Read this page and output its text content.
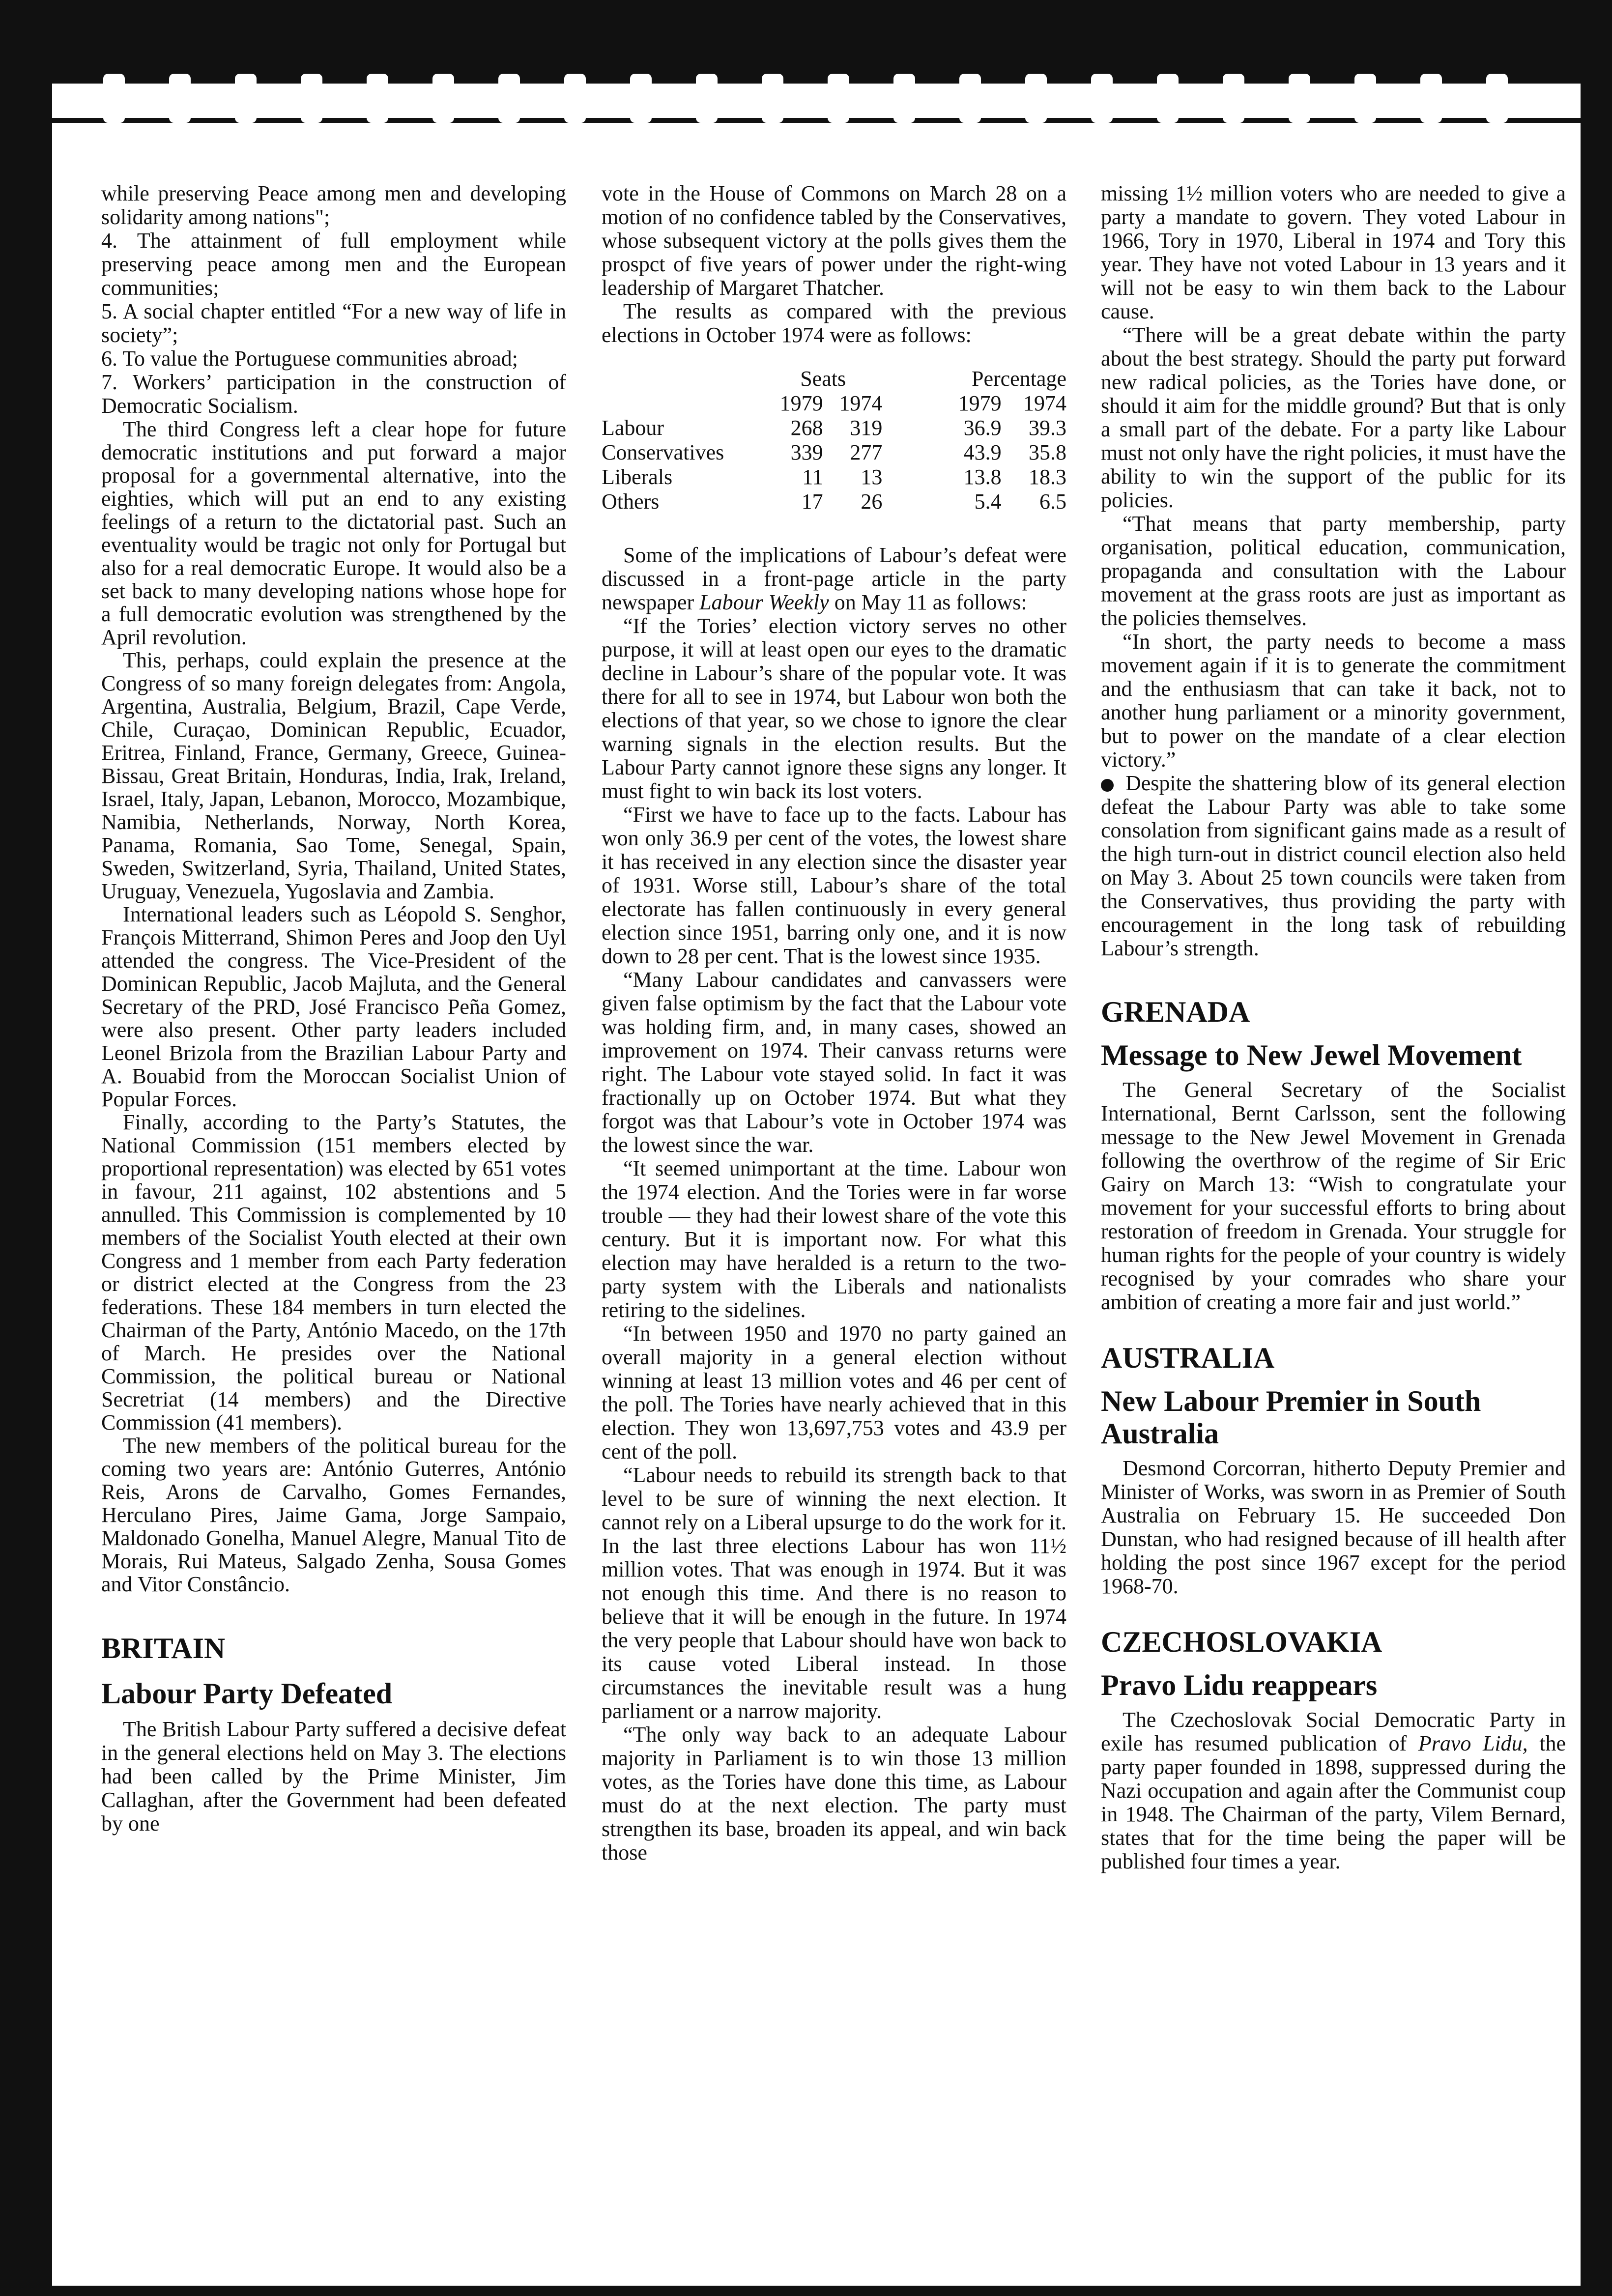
while preserving Peace among men and developing solidarity among nations";

4. The attainment of full employment while preserving peace among men and the European communities;

5. A social chapter entitled “For a new way of life in society”;

6. To value the Portuguese communities abroad;

7. Workers’ participation in the construction of Democratic Socialism.

The third Congress left a clear hope for future democratic institutions and put forward a major proposal for a governmental alternative, into the eighties, which will put an end to any existing feelings of a return to the dictatorial past. Such an eventuality would be tragic not only for Portugal but also for a real democratic Europe. It would also be a set back to many developing nations whose hope for a full democratic evolution was strengthened by the April revolution.

This, perhaps, could explain the presence at the Congress of so many foreign delegates from: Angola, Argentina, Australia, Belgium, Brazil, Cape Verde, Chile, Curaçao, Dominican Republic, Ecuador, Eritrea, Finland, France, Germany, Greece, Guinea-Bissau, Great Britain, Honduras, India, Irak, Ireland, Israel, Italy, Japan, Lebanon, Morocco, Mozambique, Namibia, Netherlands, Norway, North Korea, Panama, Romania, Sao Tome, Senegal, Spain, Sweden, Switzerland, Syria, Thailand, United States, Uruguay, Venezuela, Yugoslavia and Zambia.

International leaders such as Léopold S. Senghor, François Mitterrand, Shimon Peres and Joop den Uyl attended the congress. The Vice-President of the Dominican Republic, Jacob Majluta, and the General Secretary of the PRD, José Francisco Peña Gomez, were also present. Other party leaders included Leonel Brizola from the Brazilian Labour Party and A. Bouabid from the Moroccan Socialist Union of Popular Forces.

Finally, according to the Party’s Statutes, the National Commission (151 members elected by proportional representation) was elected by 651 votes in favour, 211 against, 102 abstentions and 5 annulled. This Commission is complemented by 10 members of the Socialist Youth elected at their own Congress and 1 member from each Party federation or district elected at the Congress from the 23 federations. These 184 members in turn elected the Chairman of the Party, António Macedo, on the 17th of March. He presides over the National Commission, the political bureau or National Secretriat (14 members) and the Directive Commission (41 members).

The new members of the political bureau for the coming two years are: António Guterres, António Reis, Arons de Carvalho, Gomes Fernandes, Herculano Pires, Jaime Gama, Jorge Sampaio, Maldonado Gonelha, Manuel Alegre, Manual Tito de Morais, Rui Mateus, Salgado Zenha, Sousa Gomes and Vitor Constâncio.

BRITAIN
Labour Party Defeated

The British Labour Party suffered a decisive defeat in the general elections held on May 3. The elections had been called by the Prime Minister, Jim Callaghan, after the Government had been defeated by one

vote in the House of Commons on March 28 on a motion of no confidence tabled by the Conservatives, whose subsequent victory at the polls gives them the prospct of five years of power under the right-wing leadership of Margaret Thatcher.

The results as compared with the previous elections in October 1974 were as follows:

	Seats			Percentage	
	1979	1974		1979	1974
Labour	268	319		36.9	39.3
Conservatives	339	277		43.9	35.8
Liberals	11	13		13.8	18.3
Others	17	26		5.4	6.5

Some of the implications of Labour’s defeat were discussed in a front-page article in the party newspaper Labour Weekly on May 11 as follows:

“If the Tories’ election victory serves no other purpose, it will at least open our eyes to the dramatic decline in Labour’s share of the popular vote. It was there for all to see in 1974, but Labour won both the elections of that year, so we chose to ignore the clear warning signals in the election results. But the Labour Party cannot ignore these signs any longer. It must fight to win back its lost voters.

“First we have to face up to the facts. Labour has won only 36.9 per cent of the votes, the lowest share it has received in any election since the disaster year of 1931. Worse still, Labour’s share of the total electorate has fallen continuously in every general election since 1951, barring only one, and it is now down to 28 per cent. That is the lowest since 1935.

“Many Labour candidates and canvassers were given false optimism by the fact that the Labour vote was holding firm, and, in many cases, showed an improvement on 1974. Their canvass returns were right. The Labour vote stayed solid. In fact it was fractionally up on October 1974. But what they forgot was that Labour’s vote in October 1974 was the lowest since the war.

“It seemed unimportant at the time. Labour won the 1974 election. And the Tories were in far worse trouble — they had their lowest share of the vote this century. But it is important now. For what this election may have heralded is a return to the two-party system with the Liberals and nationalists retiring to the sidelines.

“In between 1950 and 1970 no party gained an overall majority in a general election without winning at least 13 million votes and 46 per cent of the poll. The Tories have nearly achieved that in this election. They won 13,697,753 votes and 43.9 per cent of the poll.

“Labour needs to rebuild its strength back to that level to be sure of winning the next election. It cannot rely on a Liberal upsurge to do the work for it. In the last three elections Labour has won 11½ million votes. That was enough in 1974. But it was not enough this time. And there is no reason to believe that it will be enough in the future. In 1974 the very people that Labour should have won back to its cause voted Liberal instead. In those circumstances the inevitable result was a hung parliament or a narrow majority.

“The only way back to an adequate Labour majority in Parliament is to win those 13 million votes, as the Tories have done this time, as Labour must do at the next election. The party must strengthen its base, broaden its appeal, and win back those

missing 1½ million voters who are needed to give a party a mandate to govern. They voted Labour in 1966, Tory in 1970, Liberal in 1974 and Tory this year. They have not voted Labour in 13 years and it will not be easy to win them back to the Labour cause.

“There will be a great debate within the party about the best strategy. Should the party put forward new radical policies, as the Tories have done, or should it aim for the middle ground? But that is only a small part of the debate. For a party like Labour must not only have the right policies, it must have the ability to win the support of the public for its policies.

“That means that party membership, party organisation, political education, communication, propaganda and consultation with the Labour movement at the grass roots are just as important as the policies themselves.

“In short, the party needs to become a mass movement again if it is to generate the commitment and the enthusiasm that can take it back, not to another hung parliament or a minority government, but to power on the mandate of a clear election victory.”

Despite the shattering blow of its general election defeat the Labour Party was able to take some consolation from significant gains made as a result of the high turn-out in district council election also held on May 3. About 25 town councils were taken from the Conservatives, thus providing the party with encouragement in the long task of rebuilding Labour’s strength.

GRENADA
Message to New Jewel Movement

The General Secretary of the Socialist International, Bernt Carlsson, sent the following message to the New Jewel Movement in Grenada following the overthrow of the regime of Sir Eric Gairy on March 13: “Wish to congratulate your movement for your successful efforts to bring about restoration of freedom in Grenada. Your struggle for human rights for the people of your country is widely recognised by your comrades who share your ambition of creating a more fair and just world.”

AUSTRALIA
New Labour Premier in South Australia

Desmond Corcorran, hitherto Deputy Premier and Minister of Works, was sworn in as Premier of South Australia on February 15. He succeeded Don Dunstan, who had resigned because of ill health after holding the post since 1967 except for the period 1968-70.

CZECHOSLOVAKIA
Pravo Lidu reappears

The Czechoslovak Social Democratic Party in exile has resumed publication of Pravo Lidu, the party paper founded in 1898, suppressed during the Nazi occupation and again after the Communist coup in 1948. The Chairman of the party, Vilem Bernard, states that for the time being the paper will be published four times a year.
